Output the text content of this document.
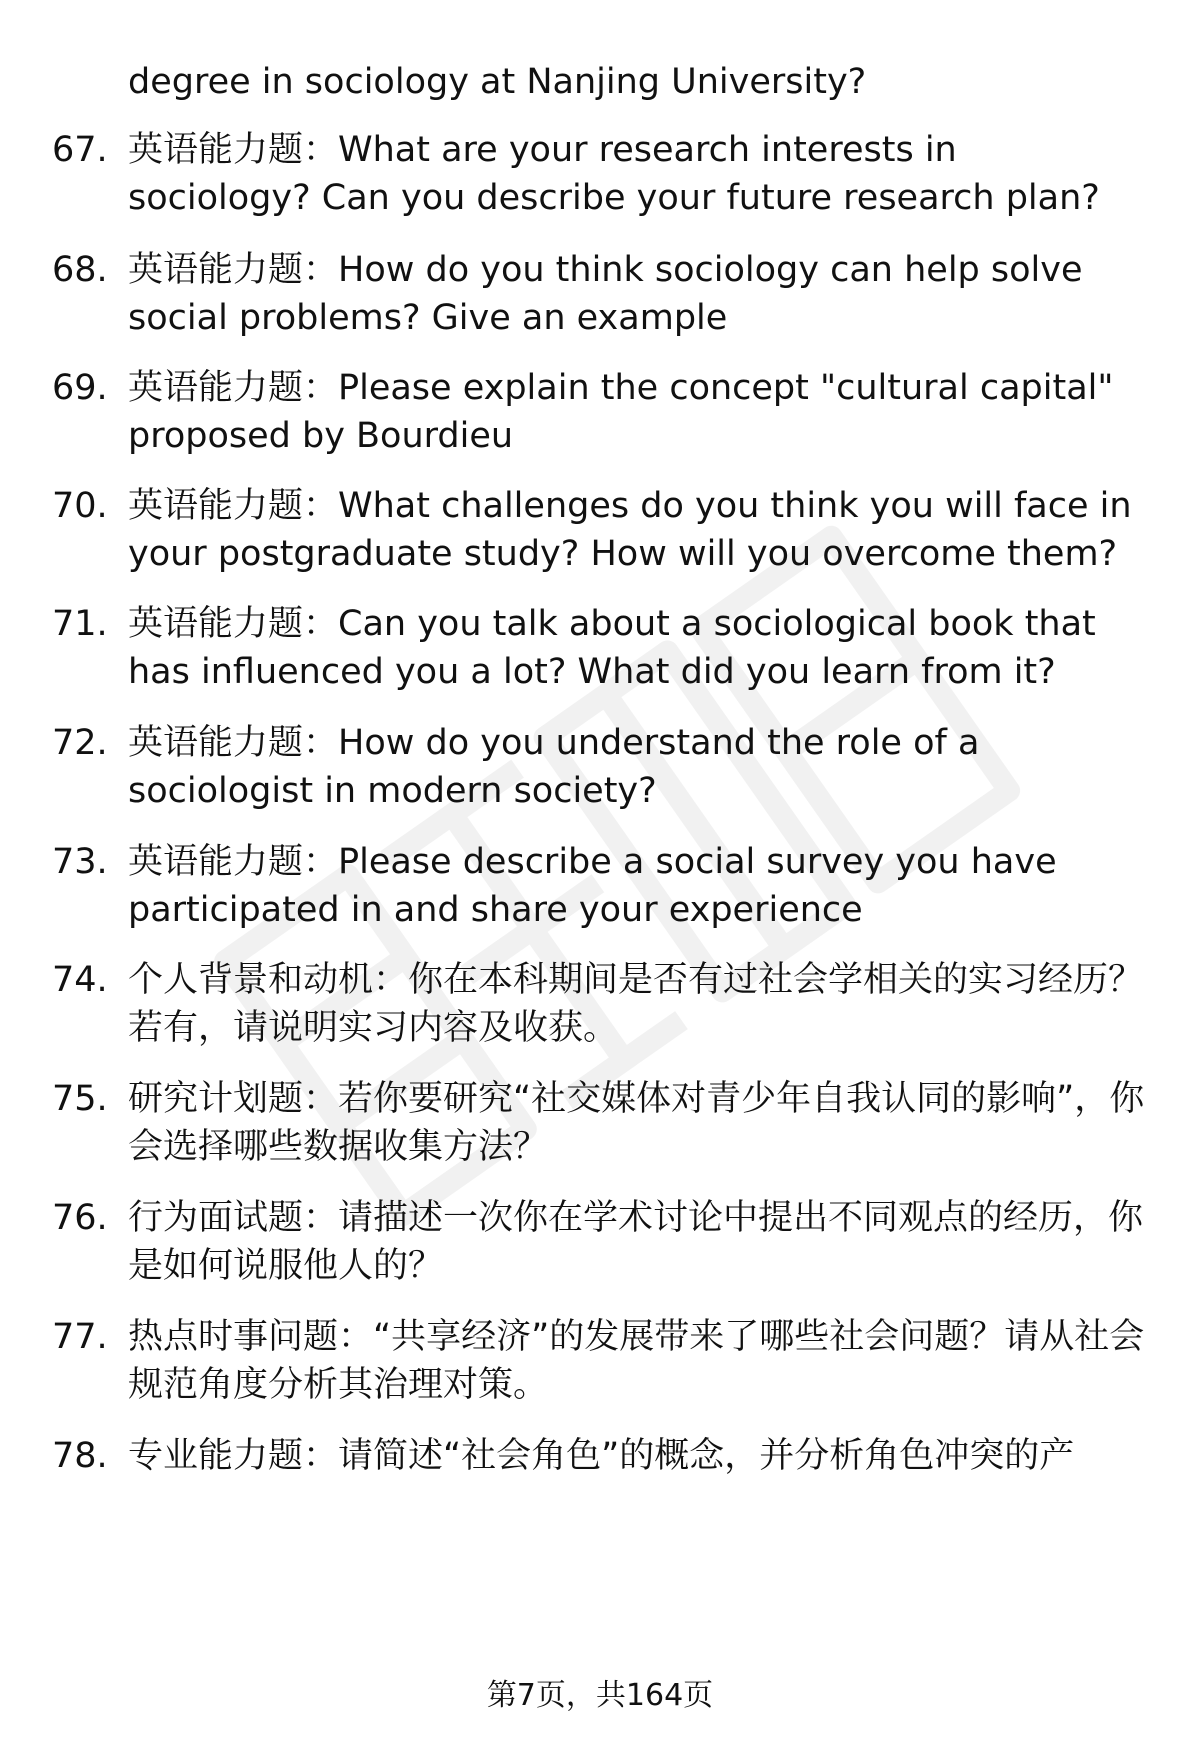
degree in sociology at Nanjing University?
67. 英语能力题：What are your research interests in sociology? Can you describe your future research plan?
68. 英语能力题：How do you think sociology can help solve social problems? Give an example
69. 英语能力题：Please explain the concept "cultural capital" proposed by Bourdieu
70. 英语能力题：What challenges do you think you will face in your postgraduate study? How will you overcome them?
71. 英语能力题：Can you talk about a sociological book that has influenced you a lot? What did you learn from it?
72. 英语能力题：How do you understand the role of a sociologist in modern society?
73. 英语能力题：Please describe a social survey you have participated in and share your experience
74. 个人背景和动机：你在本科期间是否有过社会学相关的实习经历？若有，请说明实习内容及收获。
75. 研究计划题：若你要研究“社交媒体对青少年自我认同的影响”，你会选择哪些数据收集方法？
76. 行为面试题：请描述一次你在学术讨论中提出不同观点的经历，你是如何说服他人的？
77. 热点时事问题：“共享经济”的发展带来了哪些社会问题？请从社会规范角度分析其治理对策。
78. 专业能力题：请简述“社会角色”的概念，并分析角色冲突的产
第7页，共164页
